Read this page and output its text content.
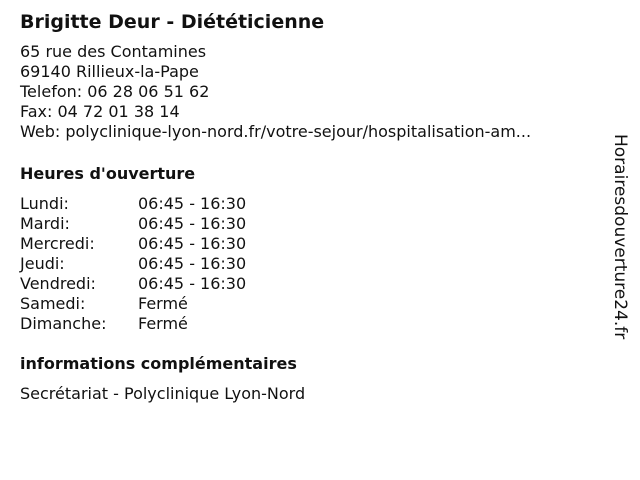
Brigitte Deur - Diététicienne
65 rue des Contamines
69140 Rillieux-la-Pape
Telefon: 06 28 06 51 62
Fax: 04 72 01 38 14
Web: polyclinique-lyon-nord.fr/votre-sejour/hospitalisation-am...
Heures d'ouverture
Lundi:	06:45 - 16:30
Mardi:	06:45 - 16:30
Mercredi:	06:45 - 16:30
Jeudi:	06:45 - 16:30
Vendredi:	06:45 - 16:30
Samedi:	Fermé
Dimanche:	Fermé
informations complémentaires
Secrétariat - Polyclinique Lyon-Nord
Horairesdouverture24.fr
